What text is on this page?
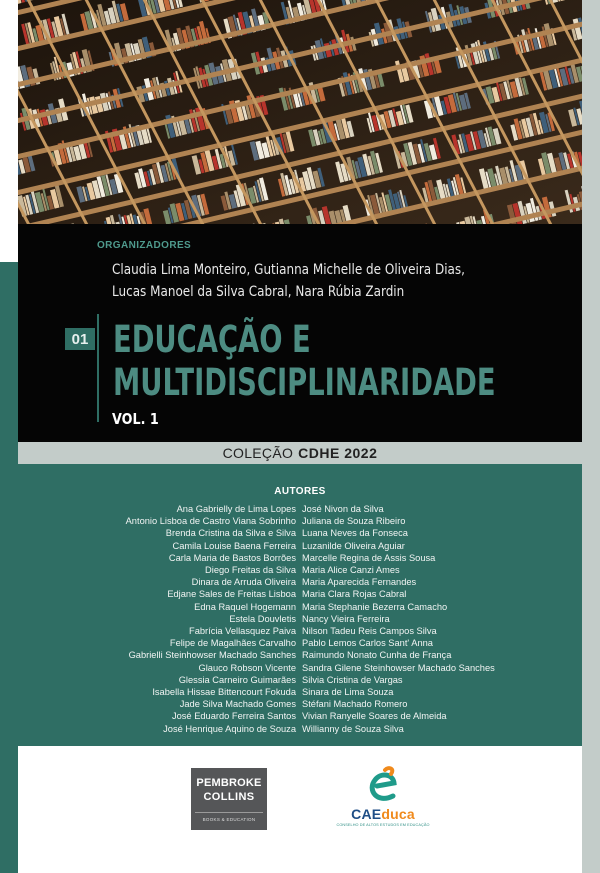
ORGANIZADORES
Claudia Lima Monteiro, Gutianna Michelle de Oliveira Dias,
Lucas Manoel da Silva Cabral, Nara Rúbia Zardin
01 EDUCAÇÃO E
MULTIDISCIPLINARIDADE
VOL. 1
COLEÇÃO CDHE 2022
AUTORES
Ana Gabrielly de Lima Lopes
Antonio Lisboa de Castro Viana Sobrinho
Brenda Cristina da Silva e Silva
Camila Louise Baena Ferreira
Carla Maria de Bastos Borrões
Diego Freitas da Silva
Dinara de Arruda Oliveira
Edjane Sales de Freitas Lisboa
Edna Raquel Hogemann
Estela Douvletis
Fabrícia Vellasquez Paiva
Felipe de Magalhães Carvalho
Gabrielli Steinhowser Machado Sanches
Glauco Robson Vicente
Glessia Carneiro Guimarães
Isabella Hissae Bittencourt Fokuda
Jade Silva Machado Gomes
José Eduardo Ferreira Santos
José Henrique Aquino de Souza
José Nivon da Silva
Juliana de Souza Ribeiro
Luana Neves da Fonseca
Luzanilde Oliveira Aguiar
Marcelle Regina de Assis Sousa
Maria Alice Canzi Ames
Maria Aparecida Fernandes
Maria Clara Rojas Cabral
Maria Stephanie Bezerra Camacho
Nancy Vieira Ferreira
Nilson Tadeu Reis Campos Silva
Pablo Lemos Carlos Sant' Anna
Raimundo Nonato Cunha de França
Sandra Gilene Steinhowser Machado Sanches
Silvia Cristina de Vargas
Sinara de Lima Souza
Stéfani Machado Romero
Vivian Ranyelle Soares de Almeida
Willianny de Souza Silva
PEMBROKE
COLLINS
BOOKS & EDUCATION	CAEduca
CONSELHO DE ALTOS ESTUDOS EM EDUCAÇÃO
